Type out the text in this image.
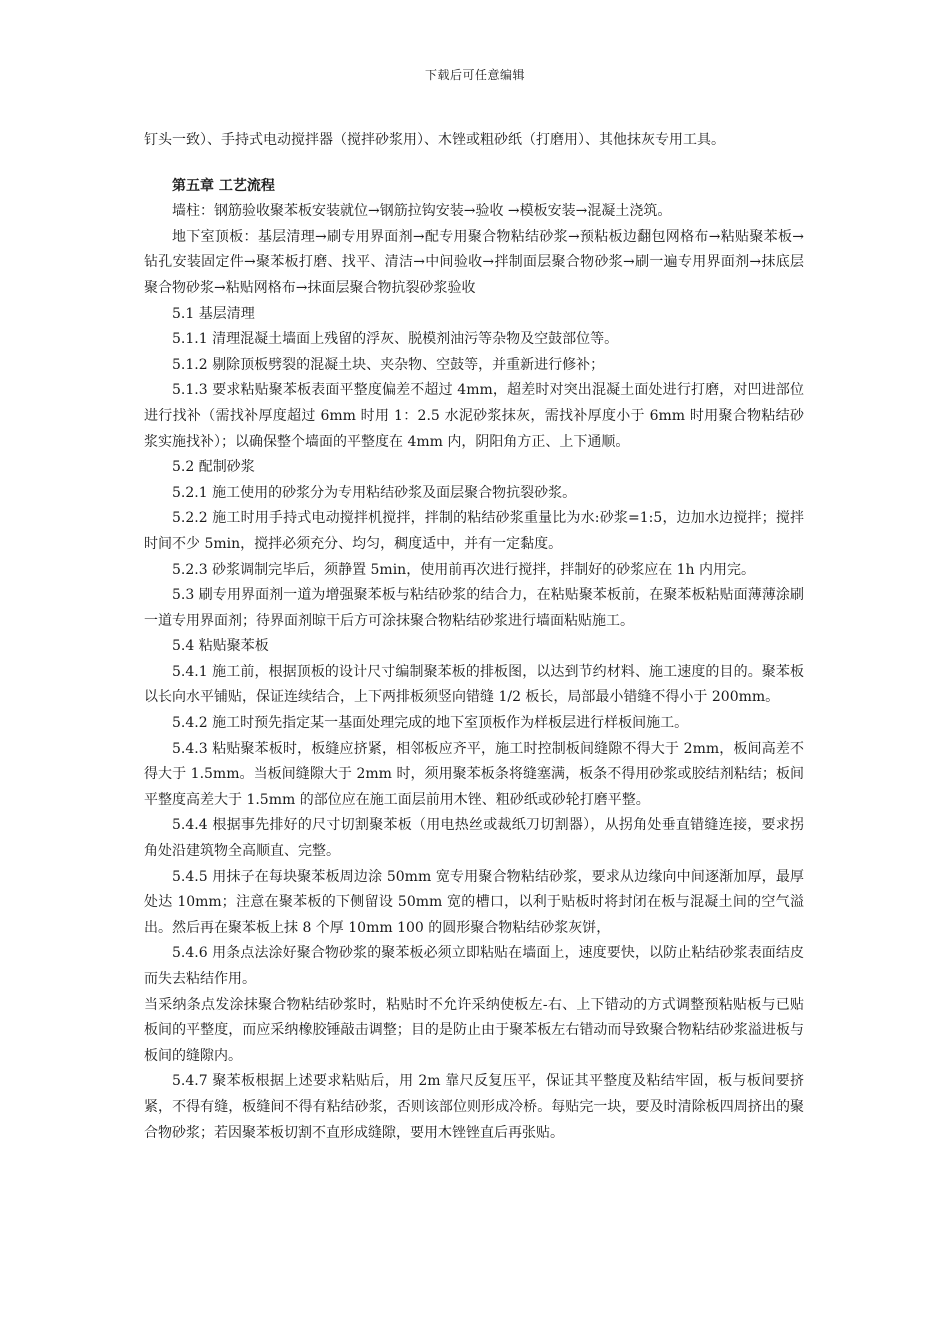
下载后可任意编辑

钉头一致）、手持式电动搅拌器（搅拌砂浆用）、木锉或粗砂纸（打磨用）、其他抹灰专用工具。

第五章 工艺流程

墙柱：钢筋验收聚苯板安装就位→钢筋拉钩安装→验收 →模板安装→混凝土浇筑。

地下室顶板：基层清理→刷专用界面剂→配专用聚合物粘结砂浆→预粘板边翻包网格布→粘贴聚苯板→钻孔安装固定件→聚苯板打磨、找平、清洁→中间验收→拌制面层聚合物砂浆→刷一遍专用界面剂→抹底层聚合物砂浆→粘贴网格布→抹面层聚合物抗裂砂浆验收

5.1 基层清理

5.1.1 清理混凝土墙面上残留的浮灰、脱模剂油污等杂物及空鼓部位等。

5.1.2 剔除顶板劈裂的混凝土块、夹杂物、空鼓等，并重新进行修补；

5.1.3 要求粘贴聚苯板表面平整度偏差不超过 4mm，超差时对突出混凝土面处进行打磨，对凹进部位进行找补（需找补厚度超过 6mm 时用 1：2.5 水泥砂浆抹灰，需找补厚度小于 6mm 时用聚合物粘结砂浆实施找补）；以确保整个墙面的平整度在 4mm 内，阴阳角方正、上下通顺。

5.2 配制砂浆

5.2.1 施工使用的砂浆分为专用粘结砂浆及面层聚合物抗裂砂浆。

5.2.2 施工时用手持式电动搅拌机搅拌，拌制的粘结砂浆重量比为水:砂浆=1:5，边加水边搅拌；搅拌时间不少 5min，搅拌必须充分、均匀，稠度适中，并有一定黏度。

5.2.3 砂浆调制完毕后，须静置 5min，使用前再次进行搅拌，拌制好的砂浆应在 1h 内用完。

5.3 刷专用界面剂一道为增强聚苯板与粘结砂浆的结合力，在粘贴聚苯板前，在聚苯板粘贴面薄薄涂刷一道专用界面剂；待界面剂晾干后方可涂抹聚合物粘结砂浆进行墙面粘贴施工。

5.4 粘贴聚苯板

5.4.1 施工前，根据顶板的设计尺寸编制聚苯板的排板图，以达到节约材料、施工速度的目的。聚苯板以长向水平铺贴，保证连续结合，上下两排板须竖向错缝 1/2 板长，局部最小错缝不得小于 200mm。

5.4.2 施工时预先指定某一基面处理完成的地下室顶板作为样板层进行样板间施工。

5.4.3 粘贴聚苯板时，板缝应挤紧，相邻板应齐平，施工时控制板间缝隙不得大于 2mm，板间高差不得大于 1.5mm。当板间缝隙大于 2mm 时，须用聚苯板条将缝塞满，板条不得用砂浆或胶结剂粘结；板间平整度高差大于 1.5mm 的部位应在施工面层前用木锉、粗砂纸或砂轮打磨平整。

5.4.4 根据事先排好的尺寸切割聚苯板（用电热丝或裁纸刀切割器），从拐角处垂直错缝连接，要求拐角处沿建筑物全高顺直、完整。

5.4.5 用抹子在每块聚苯板周边涂 50mm 宽专用聚合物粘结砂浆，要求从边缘向中间逐渐加厚，最厚处达 10mm；注意在聚苯板的下侧留设 50mm 宽的槽口，以利于贴板时将封闭在板与混凝土间的空气溢出。然后再在聚苯板上抹 8 个厚 10mm 100 的圆形聚合物粘结砂浆灰饼，

5.4.6 用条点法涂好聚合物砂浆的聚苯板必须立即粘贴在墙面上，速度要快，以防止粘结砂浆表面结皮而失去粘结作用。

当采纳条点发涂抹聚合物粘结砂浆时，粘贴时不允许采纳使板左-右、上下错动的方式调整预粘贴板与已贴板间的平整度，而应采纳橡胶锤敲击调整；目的是防止由于聚苯板左右错动而导致聚合物粘结砂浆溢进板与板间的缝隙内。

5.4.7 聚苯板根据上述要求粘贴后，用 2m 靠尺反复压平，保证其平整度及粘结牢固，板与板间要挤紧，不得有缝，板缝间不得有粘结砂浆，否则该部位则形成冷桥。每贴完一块，要及时清除板四周挤出的聚合物砂浆；若因聚苯板切割不直形成缝隙，要用木锉锉直后再张贴。
